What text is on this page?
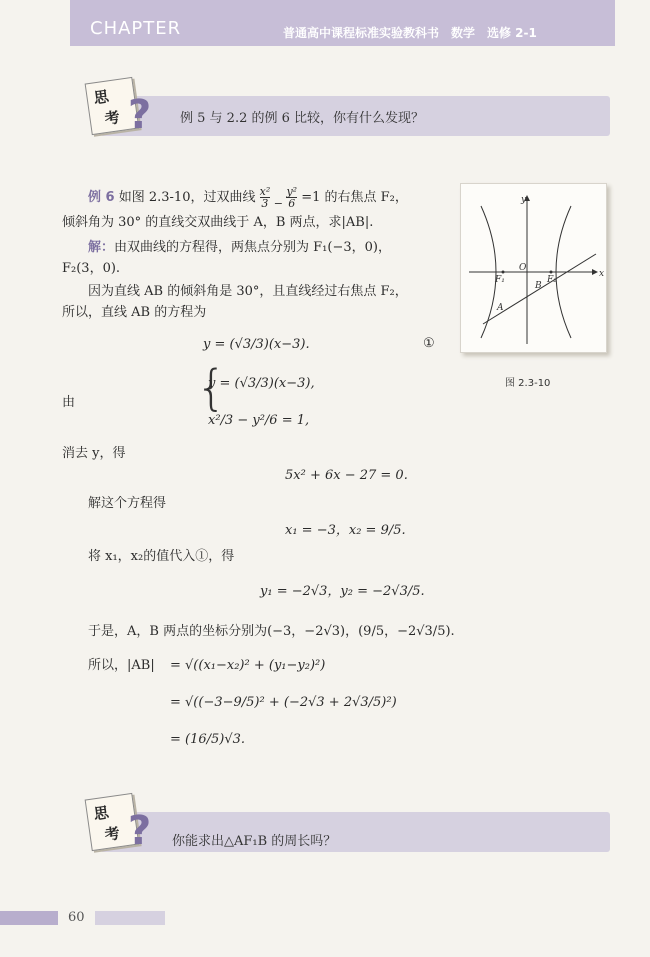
CHAPTER	普通高中课程标准实验教科书　数学　选修 2-1
思
考 ? 例 5 与 2.2 的例 6 比较，你有什么发现？
例 6 如图 2.3-10，过双曲线 $\frac{\text{x²}}{3} - \frac{\text{y²}}{6} =1$ 的右焦点 F₂，
倾斜角为 30° 的直线交双曲线于 A，B 两点，求|AB|.
解：由双曲线的方程得，两焦点分别为 F₁(−3，0)，
F₂(3，0).
因为直线 AB 的倾斜角是 30°，且直线经过右焦点 F₂，
所以，直线 AB 的方程为
y = (√3/3)(x−3).	①
由	{
y = (√3/3)(x−3),
x²/3 − y²/6 = 1,
消去 y，得
5x² + 6x − 27 = 0.
解这个方程得
x₁ = −3，x₂ = 9/5.
将 x₁，x₂的值代入①，得
y₁ = −2√3，y₂ = −2√3/5.
于是，A，B 两点的坐标分别为(−3，−2√3)，(9/5，−2√3/5).
所以，|AB| = √((x₁−x₂)² + (y₁−y₂)²)
= √((−3−9/5)² + (−2√3 + 2√3/5)²)
= (16/5)√3.
x
y
O
F₁	F₂
A
B
图 2.3-10
思
考 ? 你能求出△AF₁B 的周长吗？
60
